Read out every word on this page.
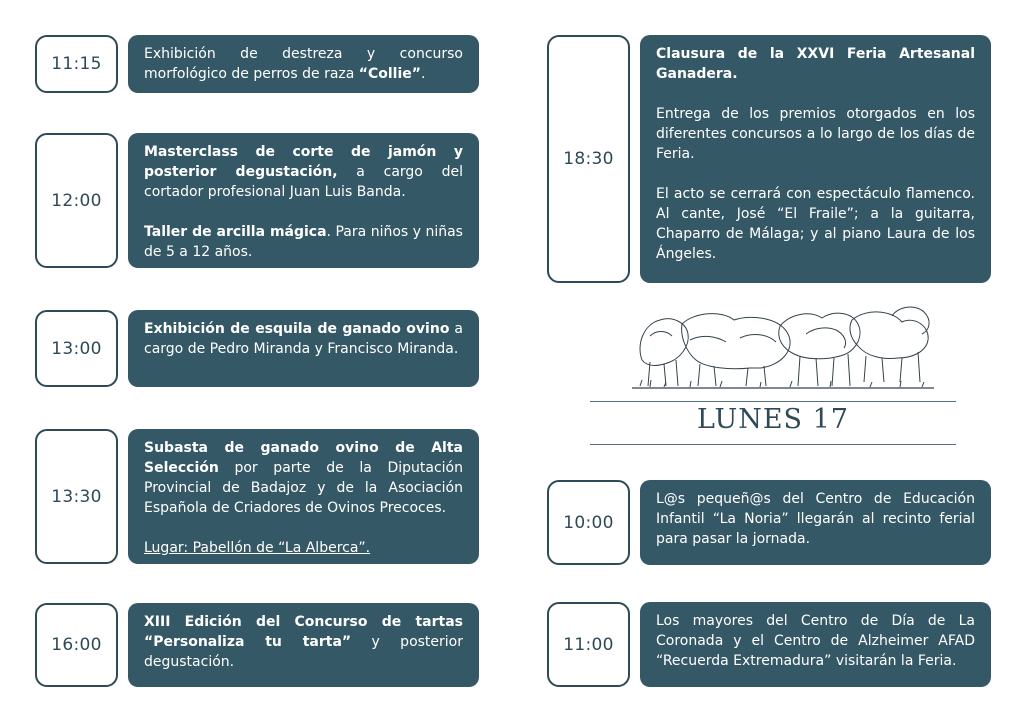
11:15	Exhibición de destreza y concurso morfológico de perros de raza “Collie”.

12:00

Masterclass de corte de jamón y posterior degustación, a cargo del cortador profesional Juan Luis Banda.

Taller de arcilla mágica. Para niños y niñas de 5 a 12 años.

13:00

Exhibición de esquila de ganado ovino a cargo de Pedro Miranda y Francisco Miranda.

13:30

Subasta de ganado ovino de Alta Selección por parte de la Diputación Provincial de Badajoz y de la Asociación Española de Criadores de Ovinos Precoces.

Lugar: Pabellón de “La Alberca”.

16:00

XIII Edición del Concurso de tartas “Personaliza tu tarta” y posterior degustación.

18:30

Clausura de la XXVI Feria Artesanal Ganadera.

Entrega de los premios otorgados en los diferentes concursos a lo largo de los días de Feria.

El acto se cerrará con espectáculo flamenco. Al cante, José “El Fraile”; a la guitarra, Chaparro de Málaga; y al piano Laura de los Ángeles.

LUNES 17
10:00

L@s pequeñ@s del Centro de Educación Infantil “La Noria” llegarán al recinto ferial para pasar la jornada.

11:00

Los mayores del Centro de Día de La Coronada y el Centro de Alzheimer AFAD “Recuerda Extremadura” visitarán la Feria.
